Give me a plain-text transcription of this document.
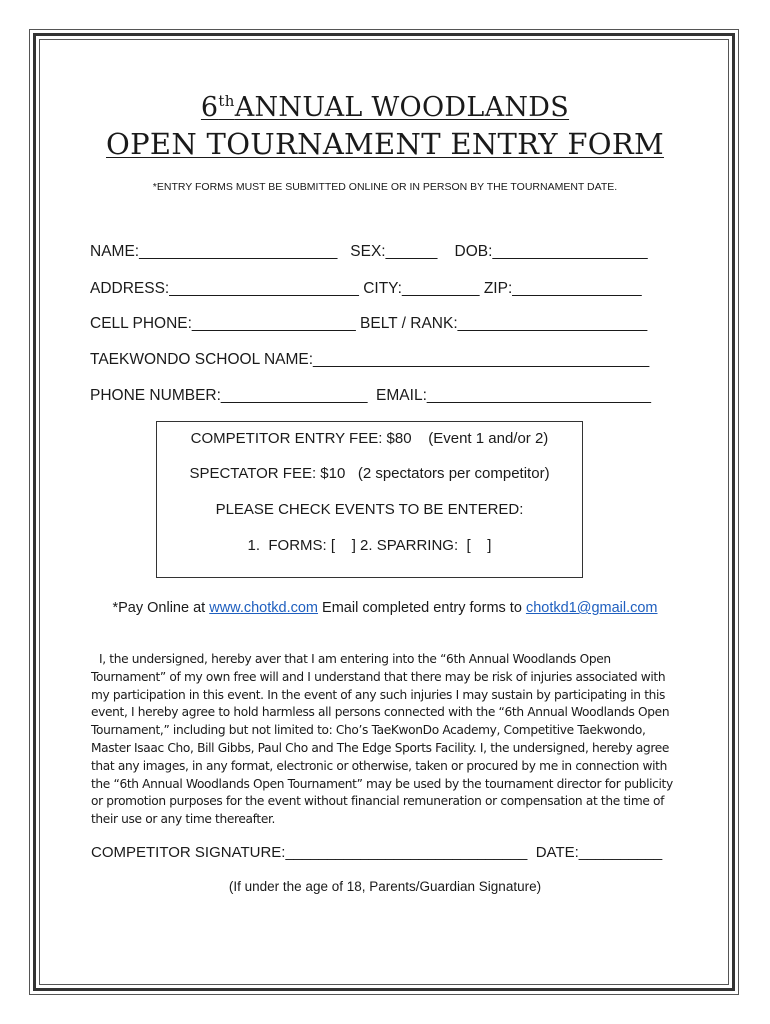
6thANNUAL WOODLANDS
OPEN TOURNAMENT ENTRY FORM
*ENTRY FORMS MUST BE SUBMITTED ONLINE OR IN PERSON BY THE TOURNAMENT DATE.
NAME:_______________________   SEX:______    DOB:__________________
ADDRESS:______________________ CITY:_________ ZIP:_______________
CELL PHONE:___________________ BELT / RANK:______________________
TAEKWONDO SCHOOL NAME:_______________________________________
PHONE NUMBER:_________________  EMAIL:__________________________
COMPETITOR ENTRY FEE: $80    (Event 1 and/or 2)
SPECTATOR FEE: $10   (2 spectators per competitor)
PLEASE CHECK EVENTS TO BE ENTERED:
1.  FORMS: [    ] 2. SPARRING:  [    ]
*Pay Online at www.chotkd.com Email completed entry forms to chotkd1@gmail.com

I, the undersigned, hereby aver that I am entering into the “6th Annual Woodlands Open Tournament” of my own free will and I understand that there may be risk of injuries associated with my participation in this event. In the event of any such injuries I may sustain by participating in this event, I hereby agree to hold harmless all persons connected with the “6th Annual Woodlands Open Tournament,” including but not limited to: Cho’s TaeKwonDo Academy, Competitive Taekwondo, Master Isaac Cho, Bill Gibbs, Paul Cho and The Edge Sports Facility. I, the undersigned, hereby agree that any images, in any format, electronic or otherwise, taken or procured by me in connection with the “6th Annual Woodlands Open Tournament” may be used by the tournament director for publicity or promotion purposes for the event without financial remuneration or compensation at the time of their use or any time thereafter.

COMPETITOR SIGNATURE:_____________________________  DATE:__________
(If under the age of 18, Parents/Guardian Signature)
